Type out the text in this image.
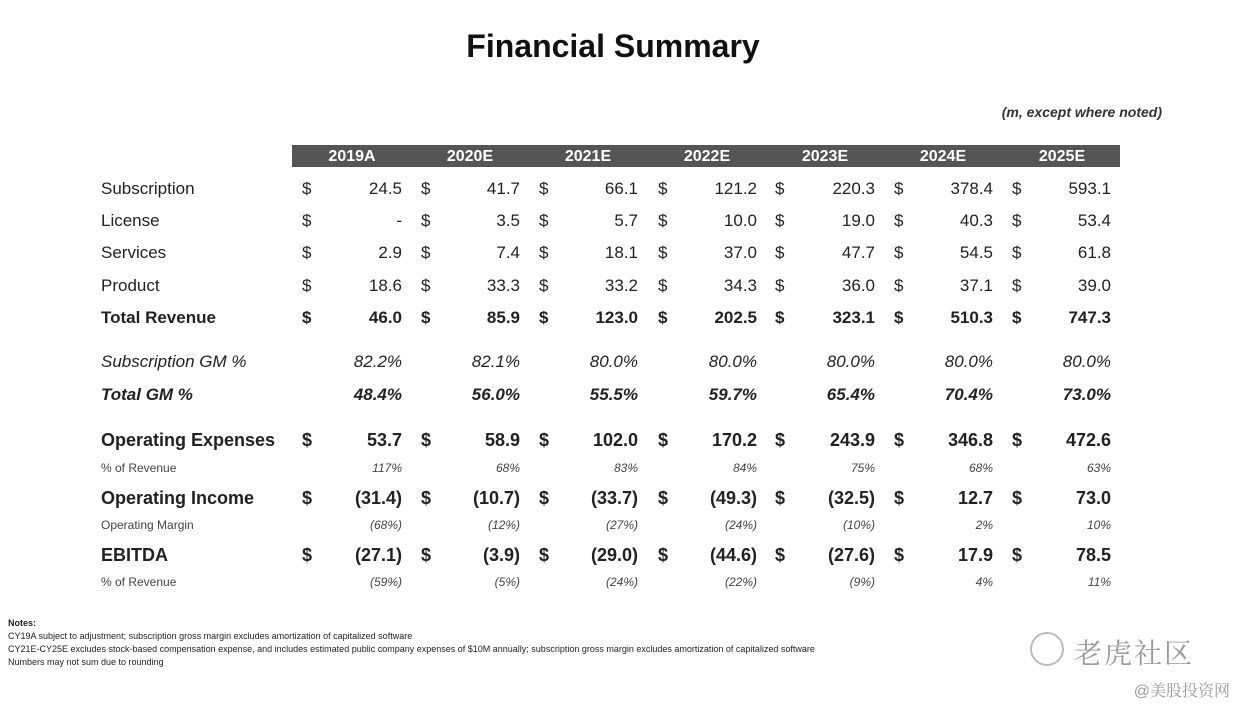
Financial Summary
(m, except where noted)
2019A	2020E	2021E	2022E	2023E	2024E	2025E
Subscription	$	24.5 $	41.7 $	66.1 $	121.2 $	220.3 $	378.4 $	593.1
License	$	- $	3.5 $	5.7 $	10.0 $	19.0 $	40.3 $	53.4
Services	$	2.9 $	7.4 $	18.1 $	37.0 $	47.7 $	54.5 $	61.8
Product	$	18.6 $	33.3 $	33.2 $	34.3 $	36.0 $	37.1 $	39.0
Total Revenue	$	46.0 $	85.9 $	123.0 $	202.5 $	323.1 $	510.3 $	747.3
Subscription GM %	82.2%	82.1%	80.0%	80.0%	80.0%	80.0%	80.0%
Total GM %	48.4%	56.0%	55.5%	59.7%	65.4%	70.4%	73.0%
Operating Expenses $	53.7 $	58.9 $	102.0 $	170.2 $	243.9 $	346.8 $	472.6
% of Revenue	117%	68%	83%	84%	75%	68%	63%
Operating Income	$	(31.4) $	(10.7) $	(33.7) $	(49.3) $	(32.5) $	12.7 $	73.0
Operating Margin	(68%)	(12%)	(27%)	(24%)	(10%)	2%	10%
EBITDA	$	(27.1) $	(3.9) $	(29.0) $	(44.6) $	(27.6) $	17.9 $	78.5
% of Revenue	(59%)	(5%)	(24%)	(22%)	(9%)	4%	11%
Notes:
CY19A subject to adjustment; subscription gross margin excludes amortization of capitalized software
CY21E-CY25E excludes stock-based compensation expense, and includes estimated public company expenses of $10M annually; subscription gross margin excludes amortization of capitalized software
Numbers may not sum due to rounding	老虎社区
@美股投资网
